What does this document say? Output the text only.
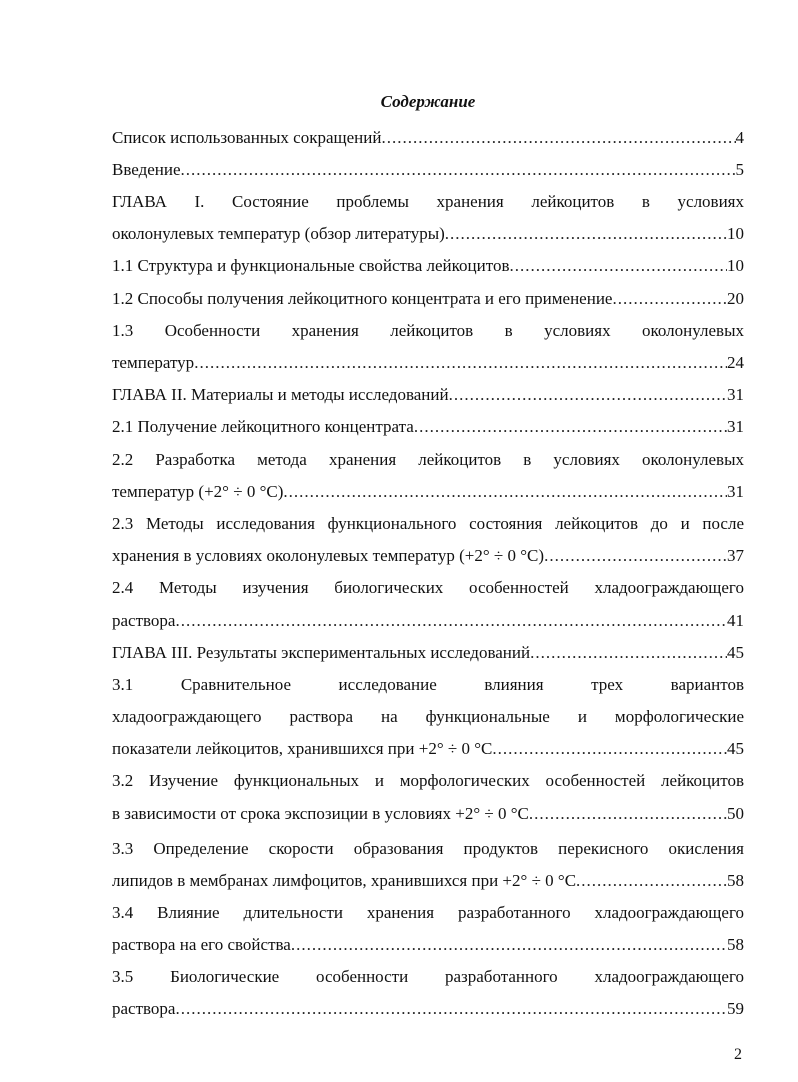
Содержание
Список использованных сокращений .....	4
Введение .....	5
ГЛАВА I. Состояние проблемы хранения лейкоцитов в условиях
околонулевых температур (обзор литературы) .....	10
1.1 Структура и функциональные свойства лейкоцитов .....	10
1.2 Способы получения лейкоцитного концентрата и его применение .....	20
1.3 Особенности хранения лейкоцитов в условиях околонулевых
температур .....	24
ГЛАВА II. Материалы и методы исследований .....	31
2.1 Получение лейкоцитного концентрата .....	31
2.2 Разработка метода хранения лейкоцитов в условиях околонулевых
температур (+2° ÷ 0 °С) .....	31
2.3 Методы исследования функционального состояния лейкоцитов до и после
хранения в условиях околонулевых температур (+2° ÷ 0 °С) .....	37
2.4 Методы изучения биологических особенностей хладоограждающего
раствора .....	41
ГЛАВА III. Результаты экспериментальных исследований .....	45
3.1 Сравнительное исследование влияния трех вариантов
хладоограждающего раствора на функциональные и морфологические
показатели лейкоцитов, хранившихся при +2° ÷ 0 °С .....	45
3.2 Изучение функциональных и морфологических особенностей лейкоцитов
в зависимости от срока экспозиции в условиях +2° ÷ 0 °С .....	50
3.3 Определение скорости образования продуктов перекисного окисления
липидов в мембранах лимфоцитов, хранившихся при +2° ÷ 0 °С .....	58
3.4 Влияние длительности хранения разработанного хладоограждающего
раствора на его свойства .....	58
3.5 Биологические особенности разработанного хладоограждающего
раствора .....	59
2
